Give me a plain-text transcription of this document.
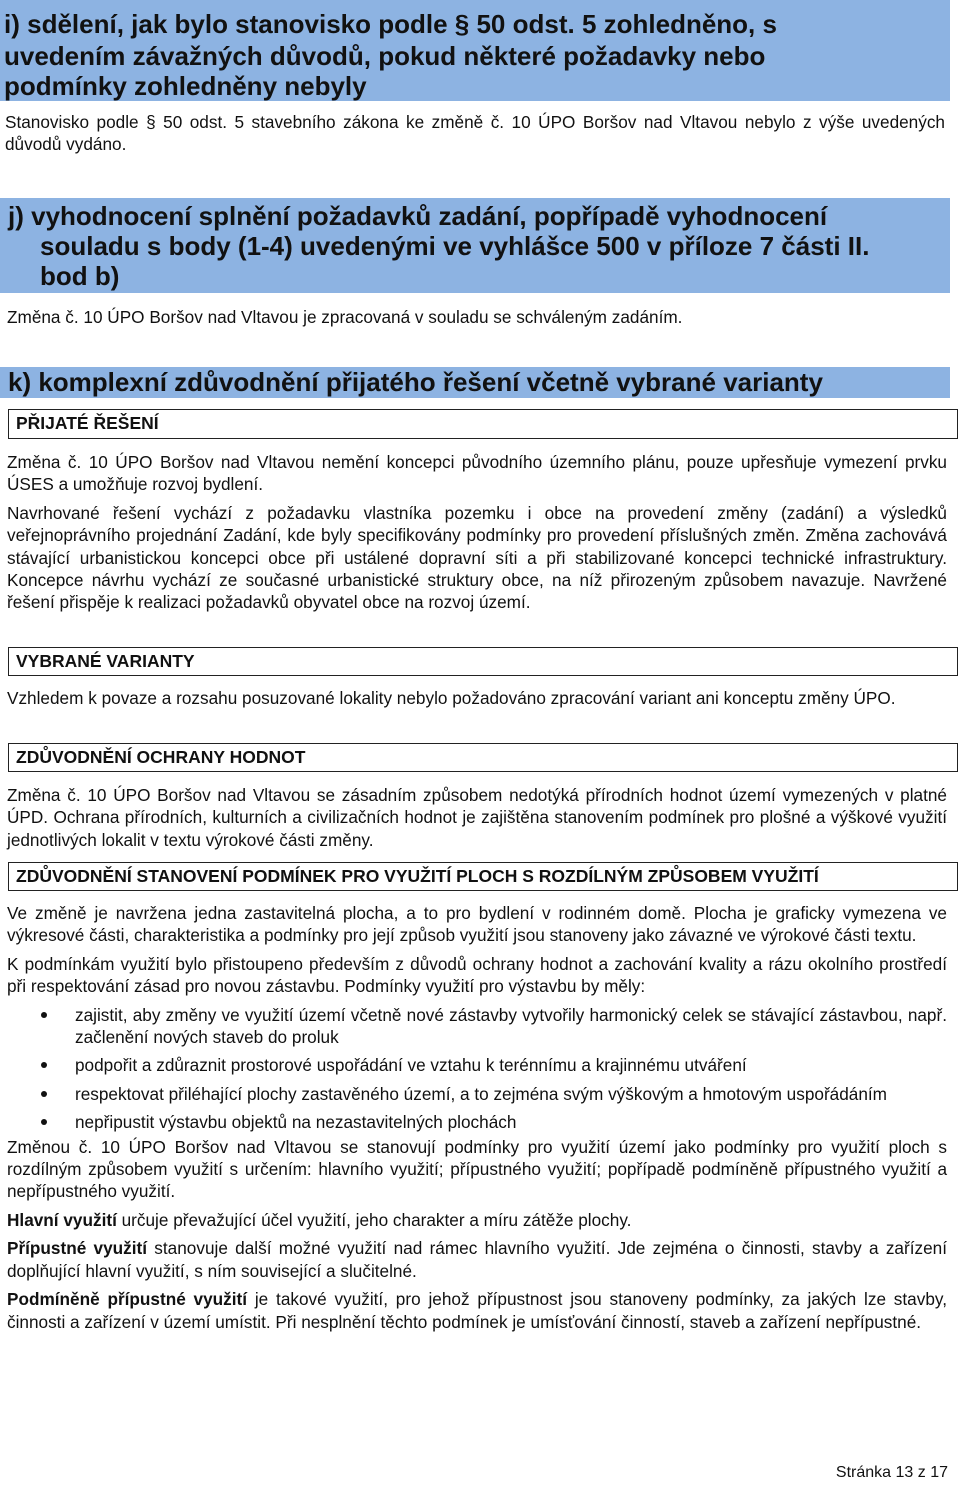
i) sdělení, jak bylo stanovisko podle § 50 odst. 5 zohledněno, s
uvedením závažných důvodů, pokud některé požadavky nebo
podmínky zohledněny nebyly

Stanovisko podle § 50 odst. 5 stavebního zákona ke změně č. 10 ÚPO Boršov nad Vltavou nebylo z výše uvedených důvodů vydáno.

j) vyhodnocení splnění požadavků zadání, popřípadě vyhodnocení
souladu s body (1-4) uvedenými ve vyhlášce 500 v příloze 7 části II.
bod b)

Změna č. 10 ÚPO Boršov nad Vltavou je zpracovaná v souladu se schváleným zadáním.

k) komplexní zdůvodnění přijatého řešení včetně vybrané varianty
PŘIJATÉ ŘEŠENÍ

Změna č. 10 ÚPO Boršov nad Vltavou nemění koncepci původního územního plánu, pouze upřesňuje vymezení prvku ÚSES a umožňuje rozvoj bydlení.

Navrhované řešení vychází z požadavku vlastníka pozemku i obce na provedení změny (zadání) a výsledků veřejnoprávního projednání Zadání, kde byly specifikovány podmínky pro provedení příslušných změn. Změna zachovává stávající urbanistickou koncepci obce při ustálené dopravní síti a při stabilizované koncepci technické infrastruktury. Koncepce návrhu vychází ze současné urbanistické struktury obce, na níž přirozeným způsobem navazuje. Navržené řešení přispěje k realizaci požadavků obyvatel obce na rozvoj území.

VYBRANÉ VARIANTY

Vzhledem k povaze a rozsahu posuzované lokality nebylo požadováno zpracování variant ani konceptu změny ÚPO.

ZDŮVODNĚNÍ OCHRANY HODNOT

Změna č. 10 ÚPO Boršov nad Vltavou se zásadním způsobem nedotýká přírodních hodnot území vymezených v platné ÚPD. Ochrana přírodních, kulturních a civilizačních hodnot je zajištěna stanovením podmínek pro plošné a výškové využití jednotlivých lokalit v textu výrokové části změny.

ZDŮVODNĚNÍ STANOVENÍ PODMÍNEK PRO VYUŽITÍ PLOCH S ROZDÍLNÝM ZPŮSOBEM VYUŽITÍ

Ve změně je navržena jedna zastavitelná plocha, a to pro bydlení v rodinném domě. Plocha je graficky vymezena ve výkresové části, charakteristika a podmínky pro její způsob využití jsou stanoveny jako závazné ve výrokové části textu.

K podmínkám využití bylo přistoupeno především z důvodů ochrany hodnot a zachování kvality a rázu okolního prostředí při respektování zásad pro novou zástavbu. Podmínky využití pro výstavbu by měly:

zajistit, aby změny ve využití území včetně nové zástavby vytvořily harmonický celek se stávající zástavbou, např. začlenění nových staveb do proluk
podpořit a zdůraznit prostorové uspořádání ve vztahu k terénnímu a krajinnému utváření
respektovat přiléhající plochy zastavěného území, a to zejména svým výškovým a hmotovým uspořádáním
nepřipustit výstavbu objektů na nezastavitelných plochách

Změnou č. 10 ÚPO Boršov nad Vltavou se stanovují podmínky pro využití území jako podmínky pro využití ploch s rozdílným způsobem využití s určením: hlavního využití; přípustného využití; popřípadě podmíněně přípustného využití a nepřípustného využití.

Hlavní využití určuje převažující účel využití, jeho charakter a míru zátěže plochy.

Přípustné využití stanovuje další možné využití nad rámec hlavního využití. Jde zejména o činnosti, stavby a zařízení doplňující hlavní využití, s ním související a slučitelné.

Podmíněně přípustné využití je takové využití, pro jehož přípustnost jsou stanoveny podmínky, za jakých lze stavby, činnosti a zařízení v území umístit. Při nesplnění těchto podmínek je umísťování činností, staveb a zařízení nepřípustné.

Stránka 13 z 17
